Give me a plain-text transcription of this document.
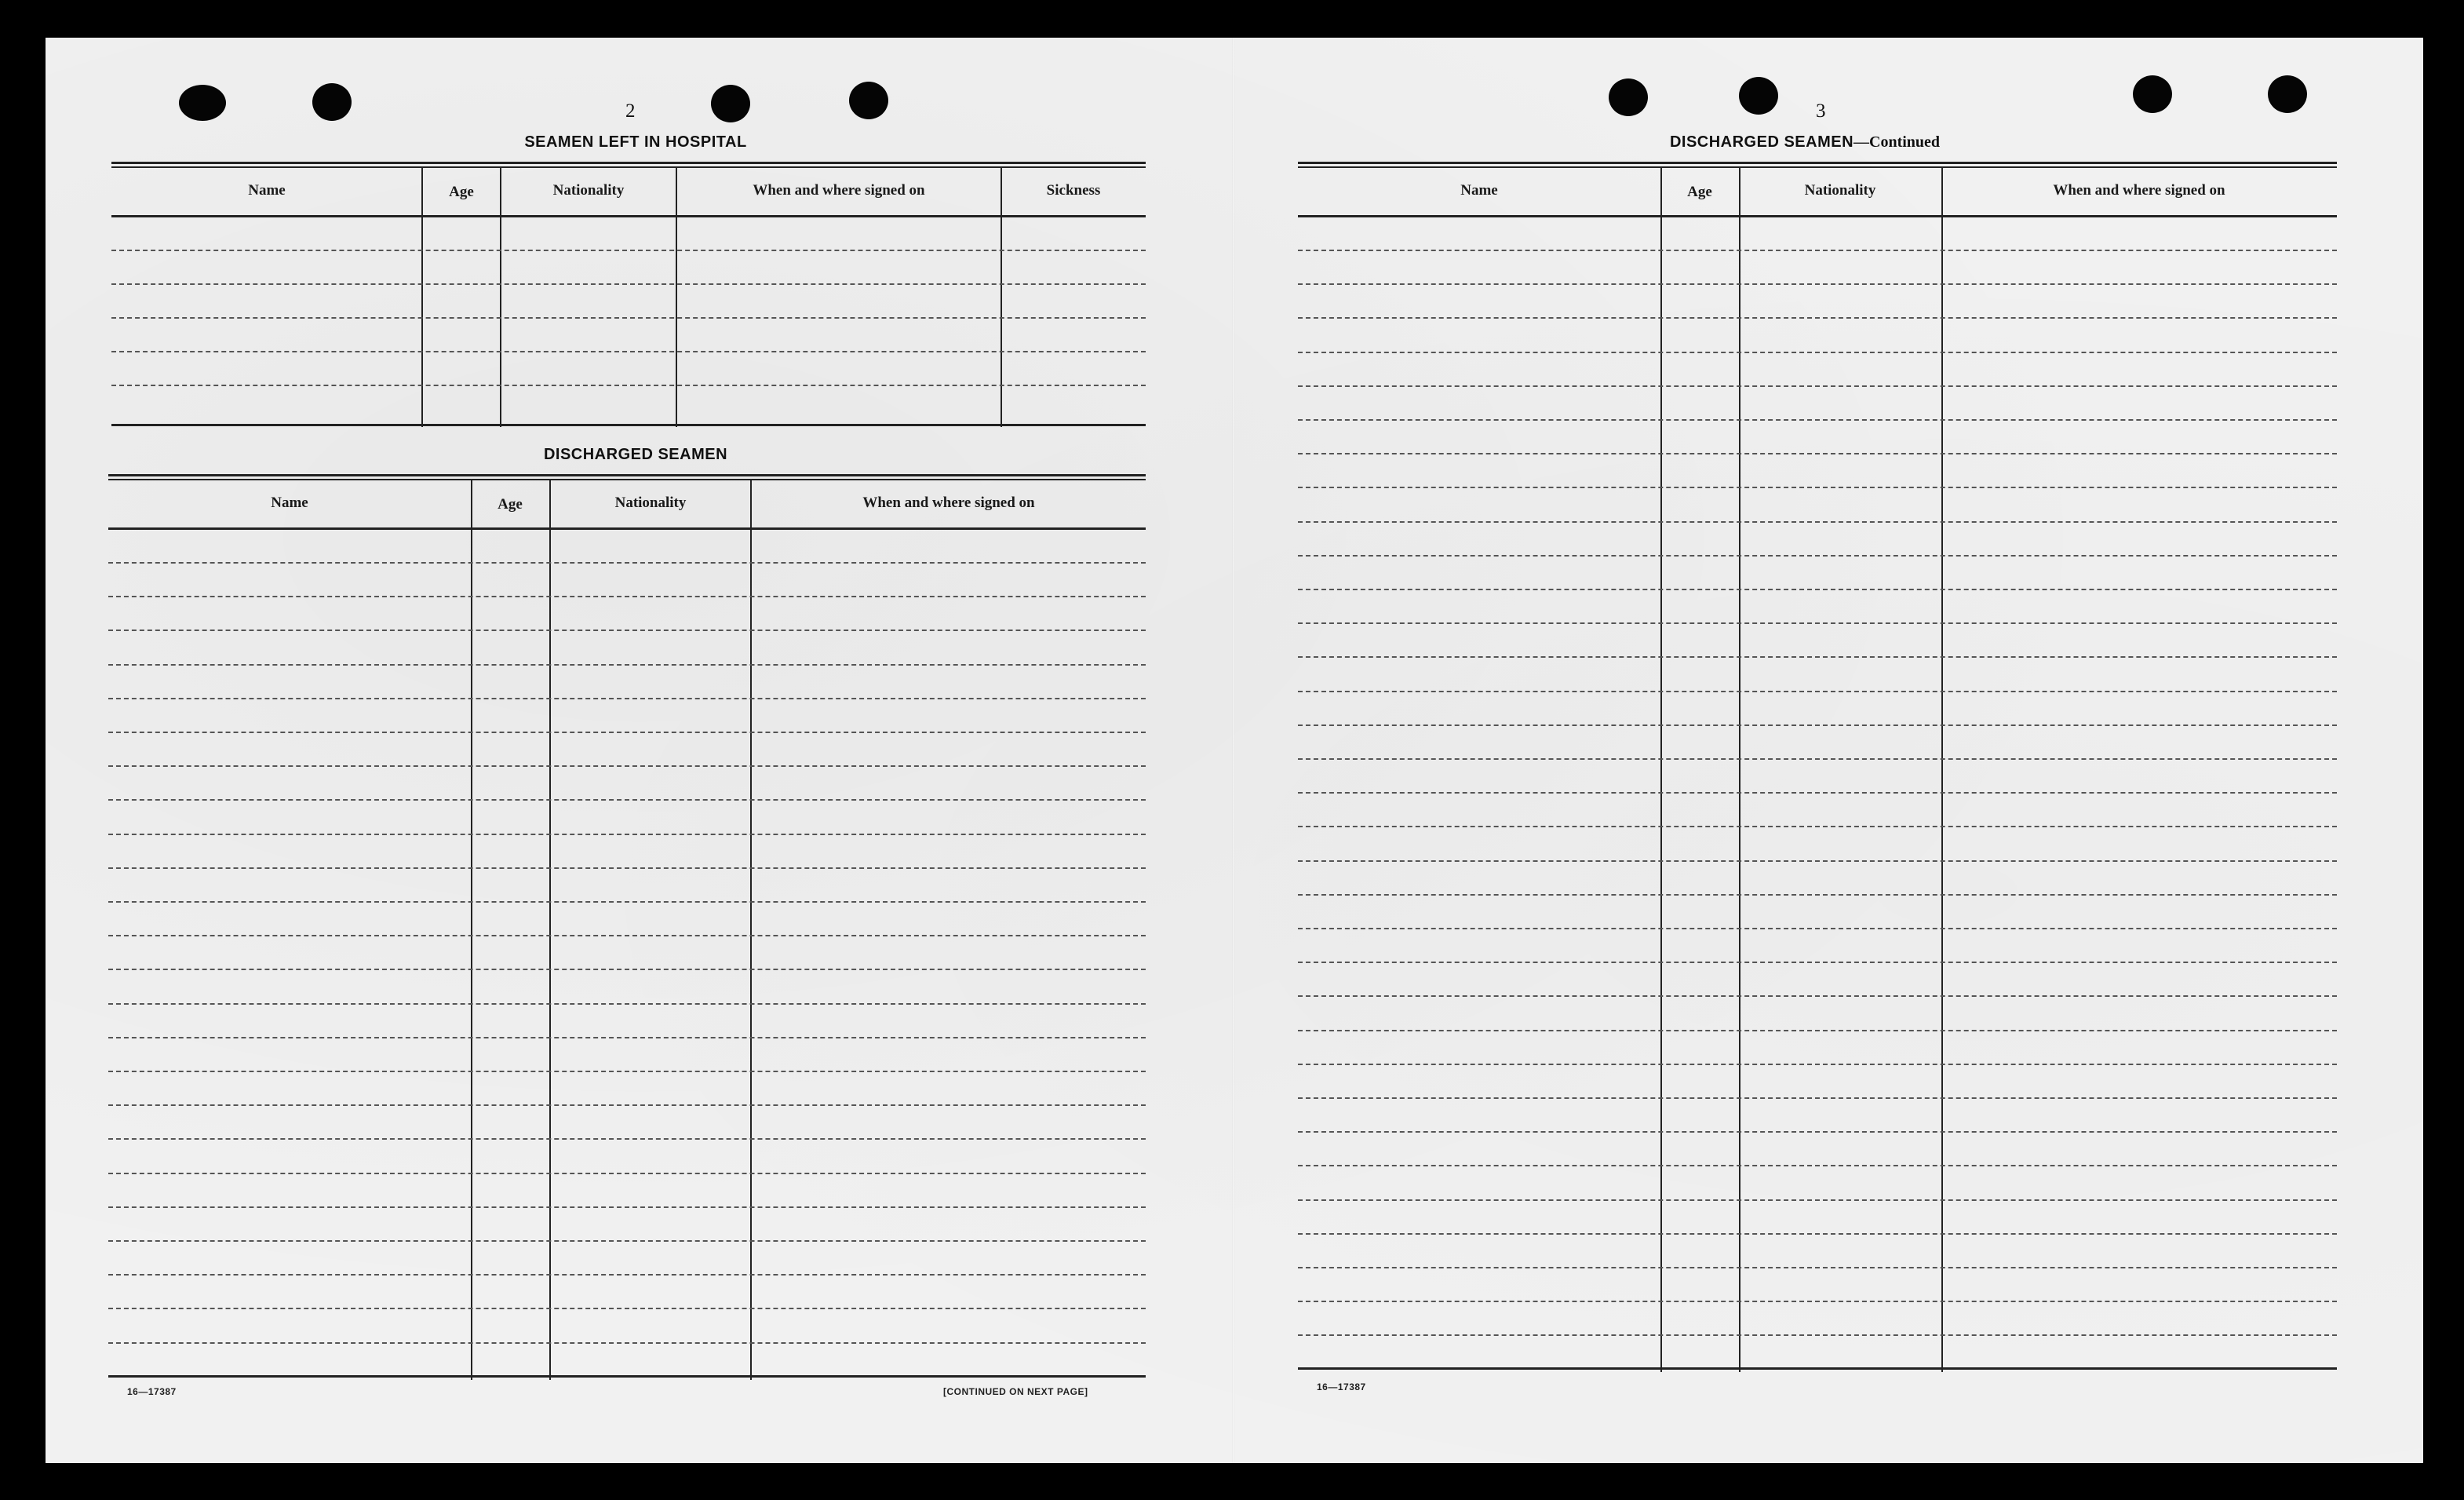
2	3
SEAMEN LEFT IN HOSPITAL
Name	Age	Nationality	When and where signed on	Sickness
DISCHARGED SEAMEN
Name	Age	Nationality	When and where signed on
16—17387	[CONTINUED ON NEXT PAGE]
DISCHARGED SEAMEN—Continued
Name	Age	Nationality	When and where signed on
16—17387
